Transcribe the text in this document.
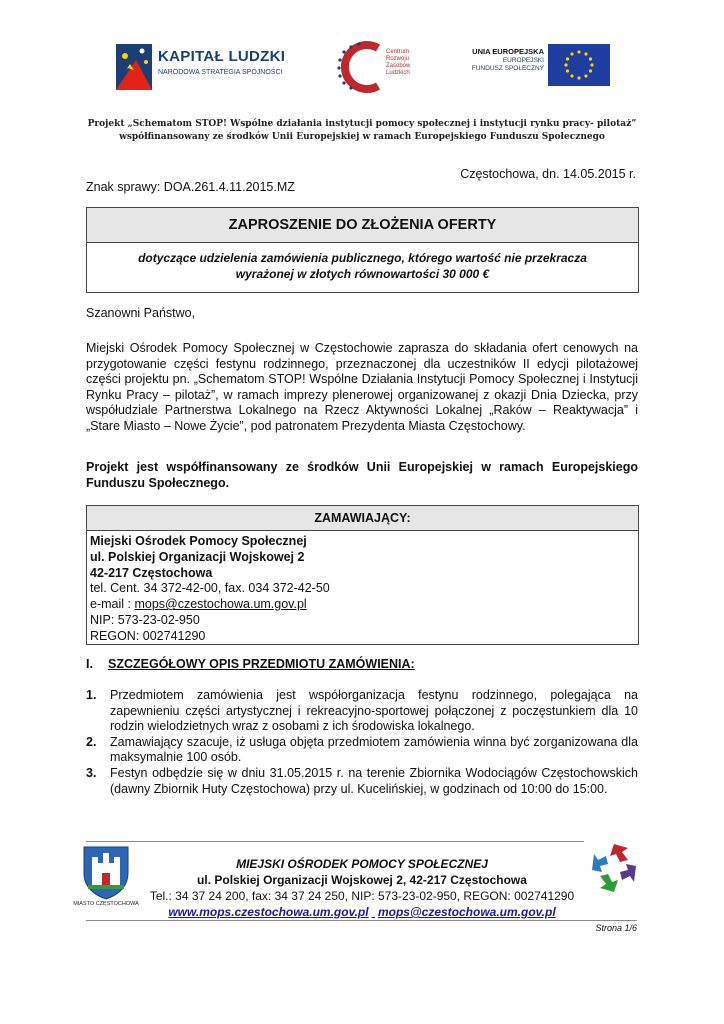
KAPITAŁ LUDZKI
NARODOWA STRATEGIA SPÓJNOŚCI
Centrum
Rozwoju
Zasobów
Ludzkich
UNIA EUROPEJSKA
EUROPEJSKI
FUNDUSZ SPOŁECZNY
Projekt „Schematom STOP! Wspólne działania instytucji pomocy społecznej i instytucji rynku pracy- pilotaż”
współfinansowany ze środków Unii Europejskiej w ramach Europejskiego Funduszu Społecznego
Częstochowa, dn. 14.05.2015 r.
Znak sprawy: DOA.261.4.11.2015.MZ
ZAPROSZENIE DO ZŁOŻENIA OFERTY
dotyczące udzielenia zamówienia publicznego, którego wartość nie przekracza
wyrażonej w złotych równowartości 30 000 €
Szanowni Państwo,
Miejski Ośrodek Pomocy Społecznej w Częstochowie zaprasza do składania ofert cenowych na przygotowanie części festynu rodzinnego, przeznaczonej dla uczestników II edycji pilotażowej części projektu pn. „Schematom STOP! Wspólne Działania Instytucji Pomocy Społecznej i Instytucji Rynku Pracy – pilotaż”, w ramach imprezy plenerowej organizowanej z okazji Dnia Dziecka, przy współudziale Partnerstwa Lokalnego na Rzecz Aktywności Lokalnej „Raków – Reaktywacja” i „Stare Miasto – Nowe Życie”, pod patronatem Prezydenta Miasta Częstochowy.
Projekt jest współfinansowany ze środków Unii Europejskiej w ramach Europejskiego Funduszu Społecznego.
ZAMAWIAJĄCY:
Miejski Ośrodek Pomocy Społecznej
ul. Polskiej Organizacji Wojskowej 2
42-217 Częstochowa
tel. Cent. 34 372-42-00, fax. 034 372-42-50
e-mail : mops@czestochowa.um.gov.pl
NIP: 573-23-02-950
REGON: 002741290
I. SZCZEGÓŁOWY OPIS PRZEDMIOTU ZAMÓWIENIA:
1. Przedmiotem zamówienia jest współorganizacja festynu rodzinnego, polegająca na zapewnieniu części artystycznej i rekreacyjno-sportowej połączonej z poczęstunkiem dla 10 rodzin wielodzietnych wraz z osobami z ich środowiska lokalnego.
2. Zamawiający szacuje, iż usługa objęta przedmiotem zamówienia winna być zorganizowana dla maksymalnie 100 osób.
3. Festyn odbędzie się w dniu 31.05.2015 r. na terenie Zbiornika Wodociągów Częstochowskich (dawny Zbiornik Huty Częstochowa) przy ul. Kucelińskiej, w godzinach od 10:00 do 15:00.
MIASTO CZĘSTOCHOWA
MIEJSKI OŚRODEK POMOCY SPOŁECZNEJ
ul. Polskiej Organizacji Wojskowej 2, 42-217 Częstochowa
Tel.: 34 37 24 200, fax: 34 37 24 250, NIP: 573-23-02-950, REGON: 002741290
www.mops.czestochowa.um.gov.pl mops@czestochowa.um.gov.pl
Strona 1/6
